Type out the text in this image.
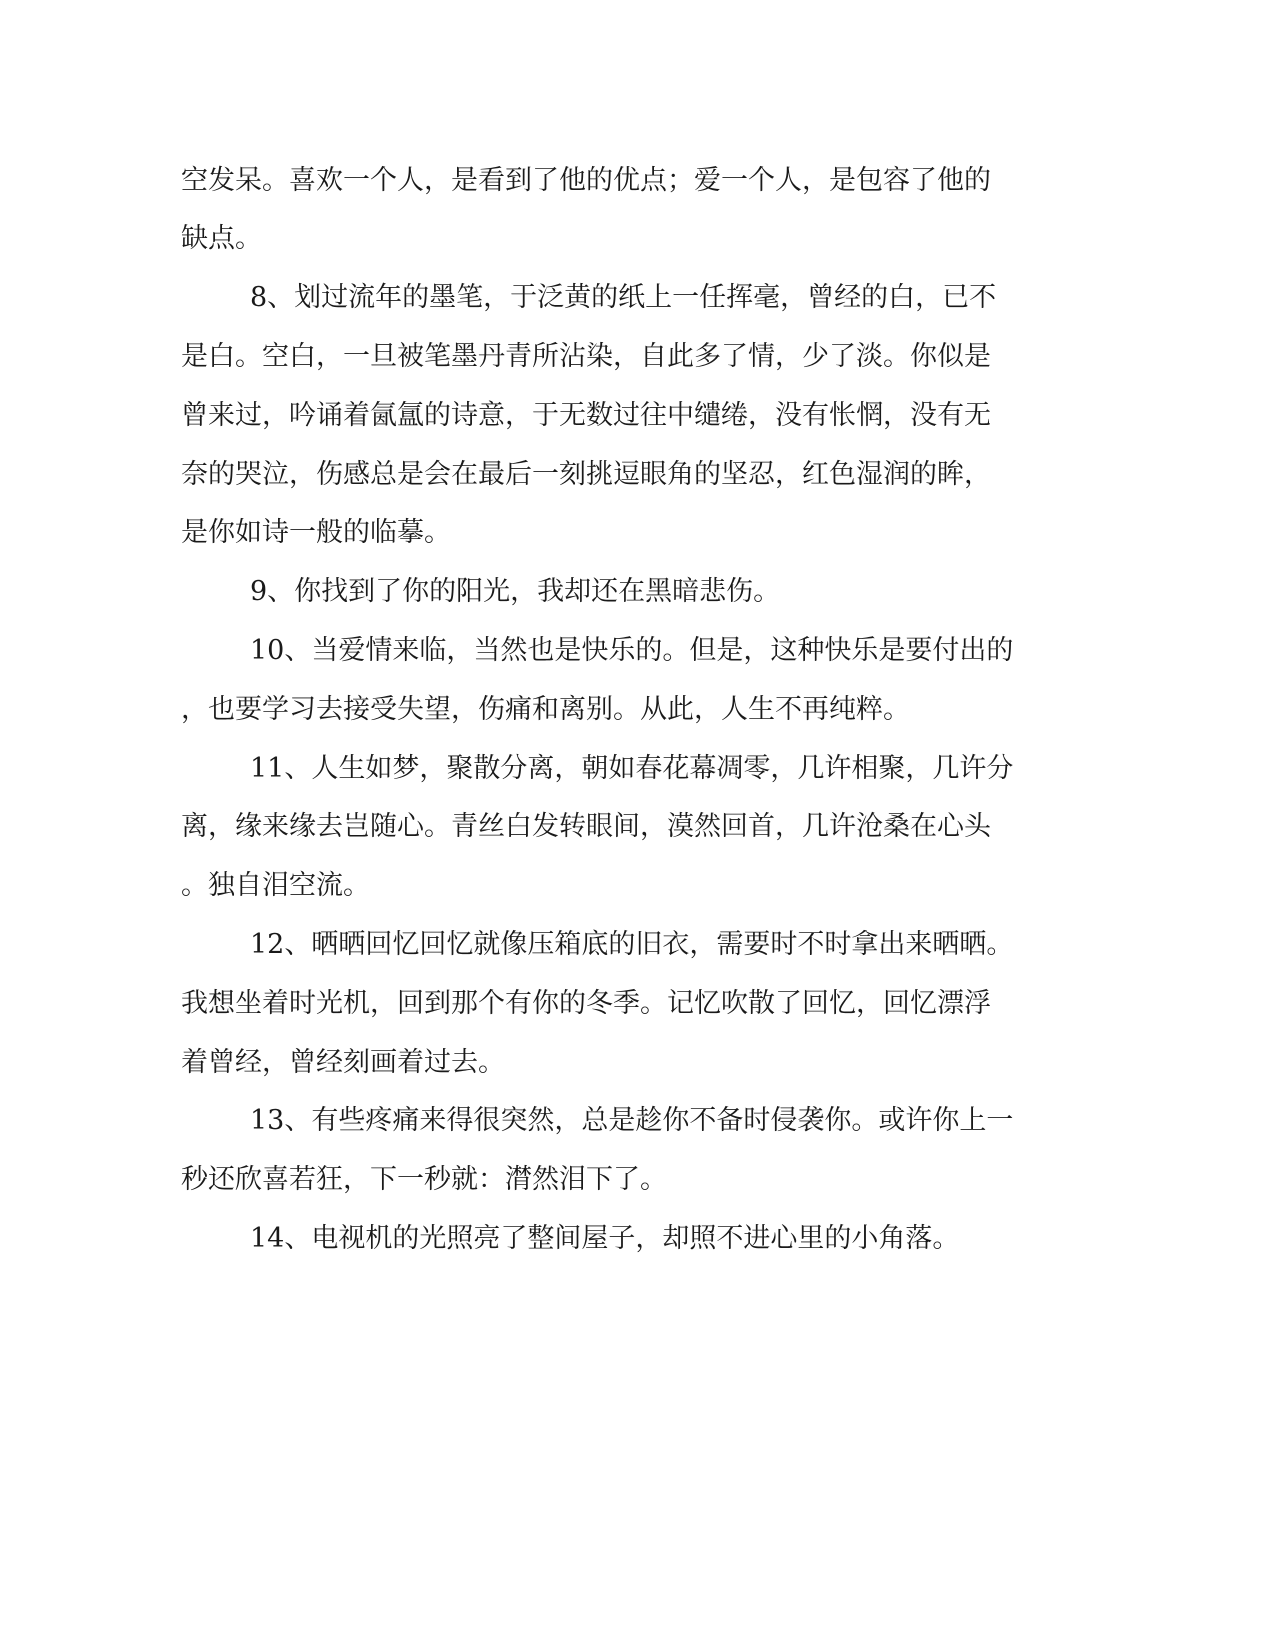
空发呆。喜欢一个人，是看到了他的优点；爱一个人，是包容了他的
缺点。
8、划过流年的墨笔，于泛黄的纸上一任挥毫，曾经的白，已不
是白。空白，一旦被笔墨丹青所沾染，自此多了情，少了淡。你似是
曾来过，吟诵着氤氲的诗意，于无数过往中缱绻，没有怅惘，没有无
奈的哭泣，伤感总是会在最后一刻挑逗眼角的坚忍，红色湿润的眸，
是你如诗一般的临摹。
9、你找到了你的阳光，我却还在黑暗悲伤。
10、当爱情来临，当然也是快乐的。但是，这种快乐是要付出的
，也要学习去接受失望，伤痛和离别。从此，人生不再纯粹。
11、人生如梦，聚散分离，朝如春花幕凋零，几许相聚，几许分
离，缘来缘去岂随心。青丝白发转眼间，漠然回首，几许沧桑在心头
。独自泪空流。
12、晒晒回忆回忆就像压箱底的旧衣，需要时不时拿出来晒晒。
我想坐着时光机，回到那个有你的冬季。记忆吹散了回忆，回忆漂浮
着曾经，曾经刻画着过去。
13、有些疼痛来得很突然，总是趁你不备时侵袭你。或许你上一
秒还欣喜若狂，下一秒就：潸然泪下了。
14、电视机的光照亮了整间屋子，却照不进心里的小角落。
